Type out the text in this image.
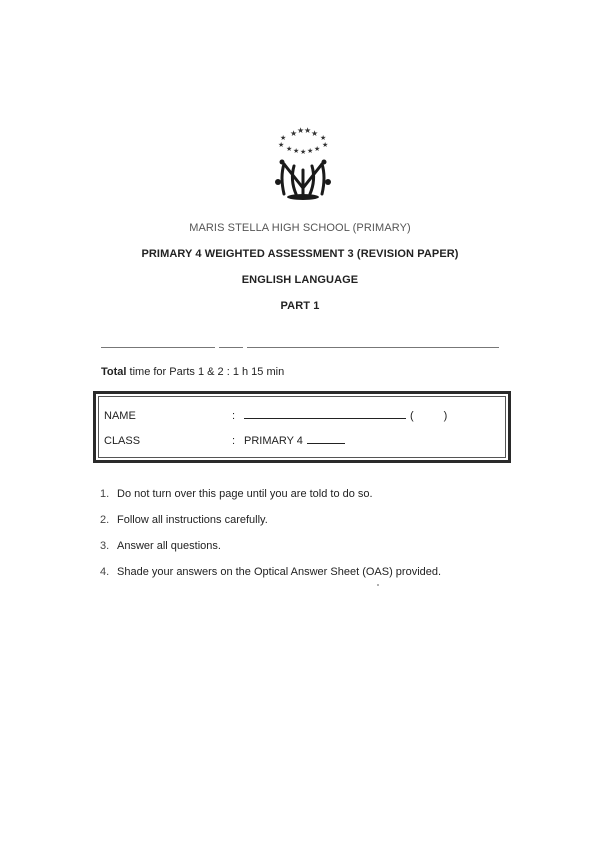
★ ★ ★ ★
★	★
★	★
★ ★ ★ ★ ★
MARIS STELLA HIGH SCHOOL (PRIMARY)
PRIMARY 4 WEIGHTED ASSESSMENT 3 (REVISION PAPER)
ENGLISH LANGUAGE
PART 1
Total time for Parts 1 & 2 : 1 h 15 min
NAME	:	(	)
CLASS	: PRIMARY 4
1. Do not turn over this page until you are told to do so.
2. Follow all instructions carefully.
3. Answer all questions.
4. Shade your answers on the Optical Answer Sheet (OAS) provided.
